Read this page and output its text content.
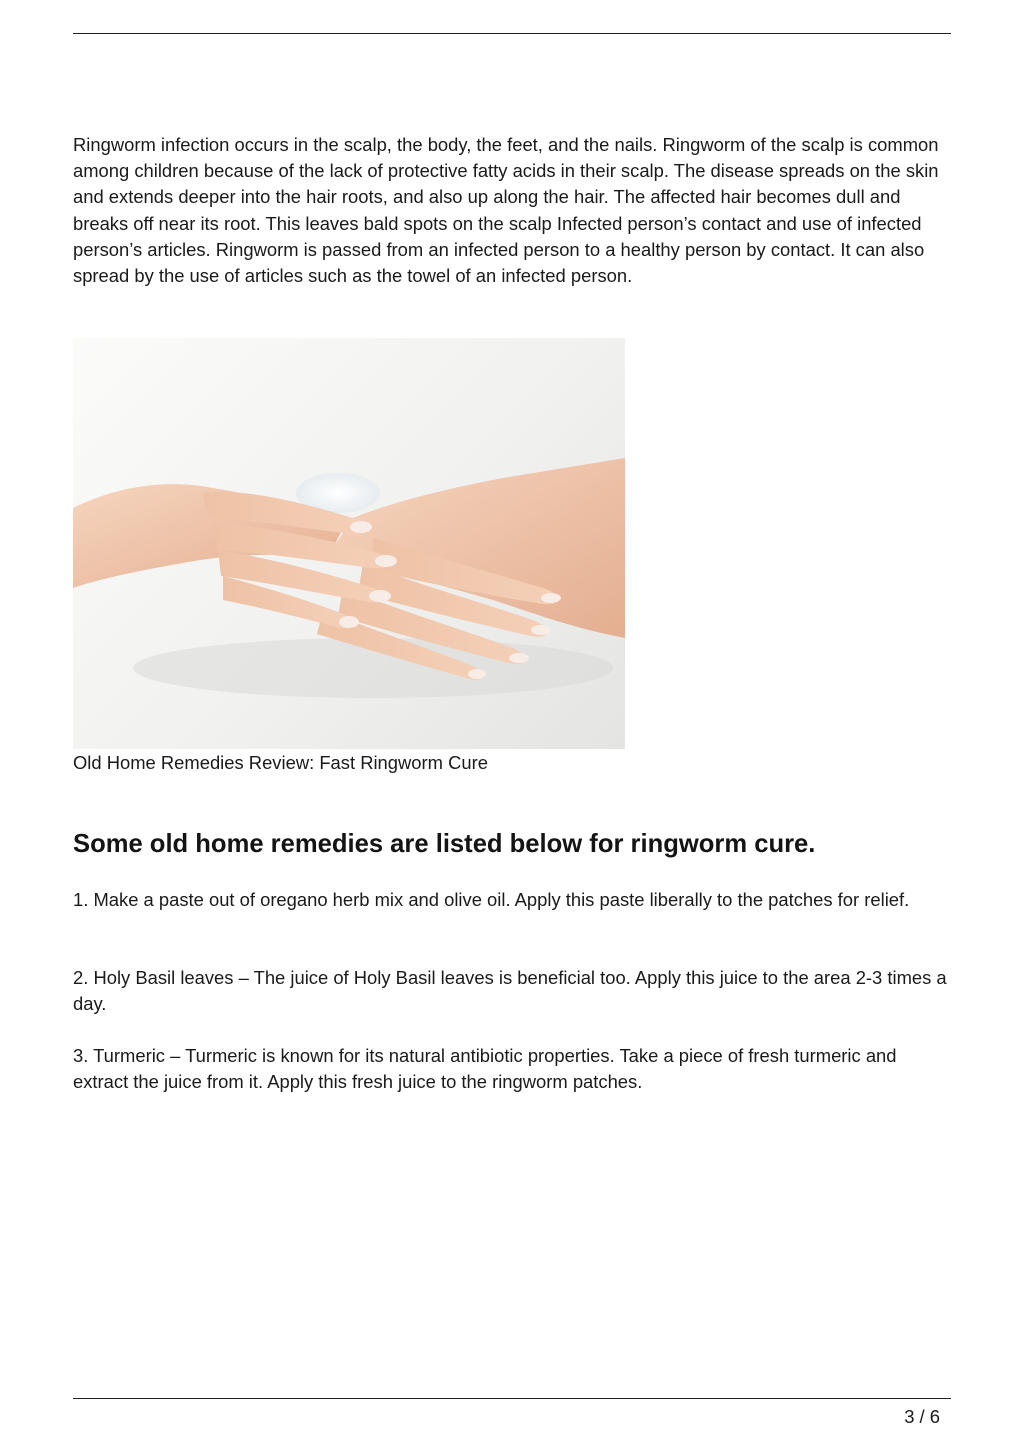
Ringworm infection occurs in the scalp, the body, the feet, and the nails. Ringworm of the scalp is common among children because of the lack of protective fatty acids in their scalp. The disease spreads on the skin and extends deeper into the hair roots, and also up along the hair. The affected hair becomes dull and breaks off near its root. This leaves bald spots on the scalp Infected person’s contact and use of infected person’s articles. Ringworm is passed from an infected person to a healthy person by contact. It can also spread by the use of articles such as the towel of an infected person.

Old Home Remedies Review: Fast Ringworm Cure
Some old home remedies are listed below for ringworm cure.

1. Make a paste out of oregano herb mix and olive oil. Apply this paste liberally to the patches for relief.

2. Holy Basil leaves – The juice of Holy Basil leaves is beneficial too. Apply this juice to the area 2-3 times a day.

3. Turmeric – Turmeric is known for its natural antibiotic properties. Take a piece of fresh turmeric and extract the juice from it. Apply this fresh juice to the ringworm patches.

3 / 6
